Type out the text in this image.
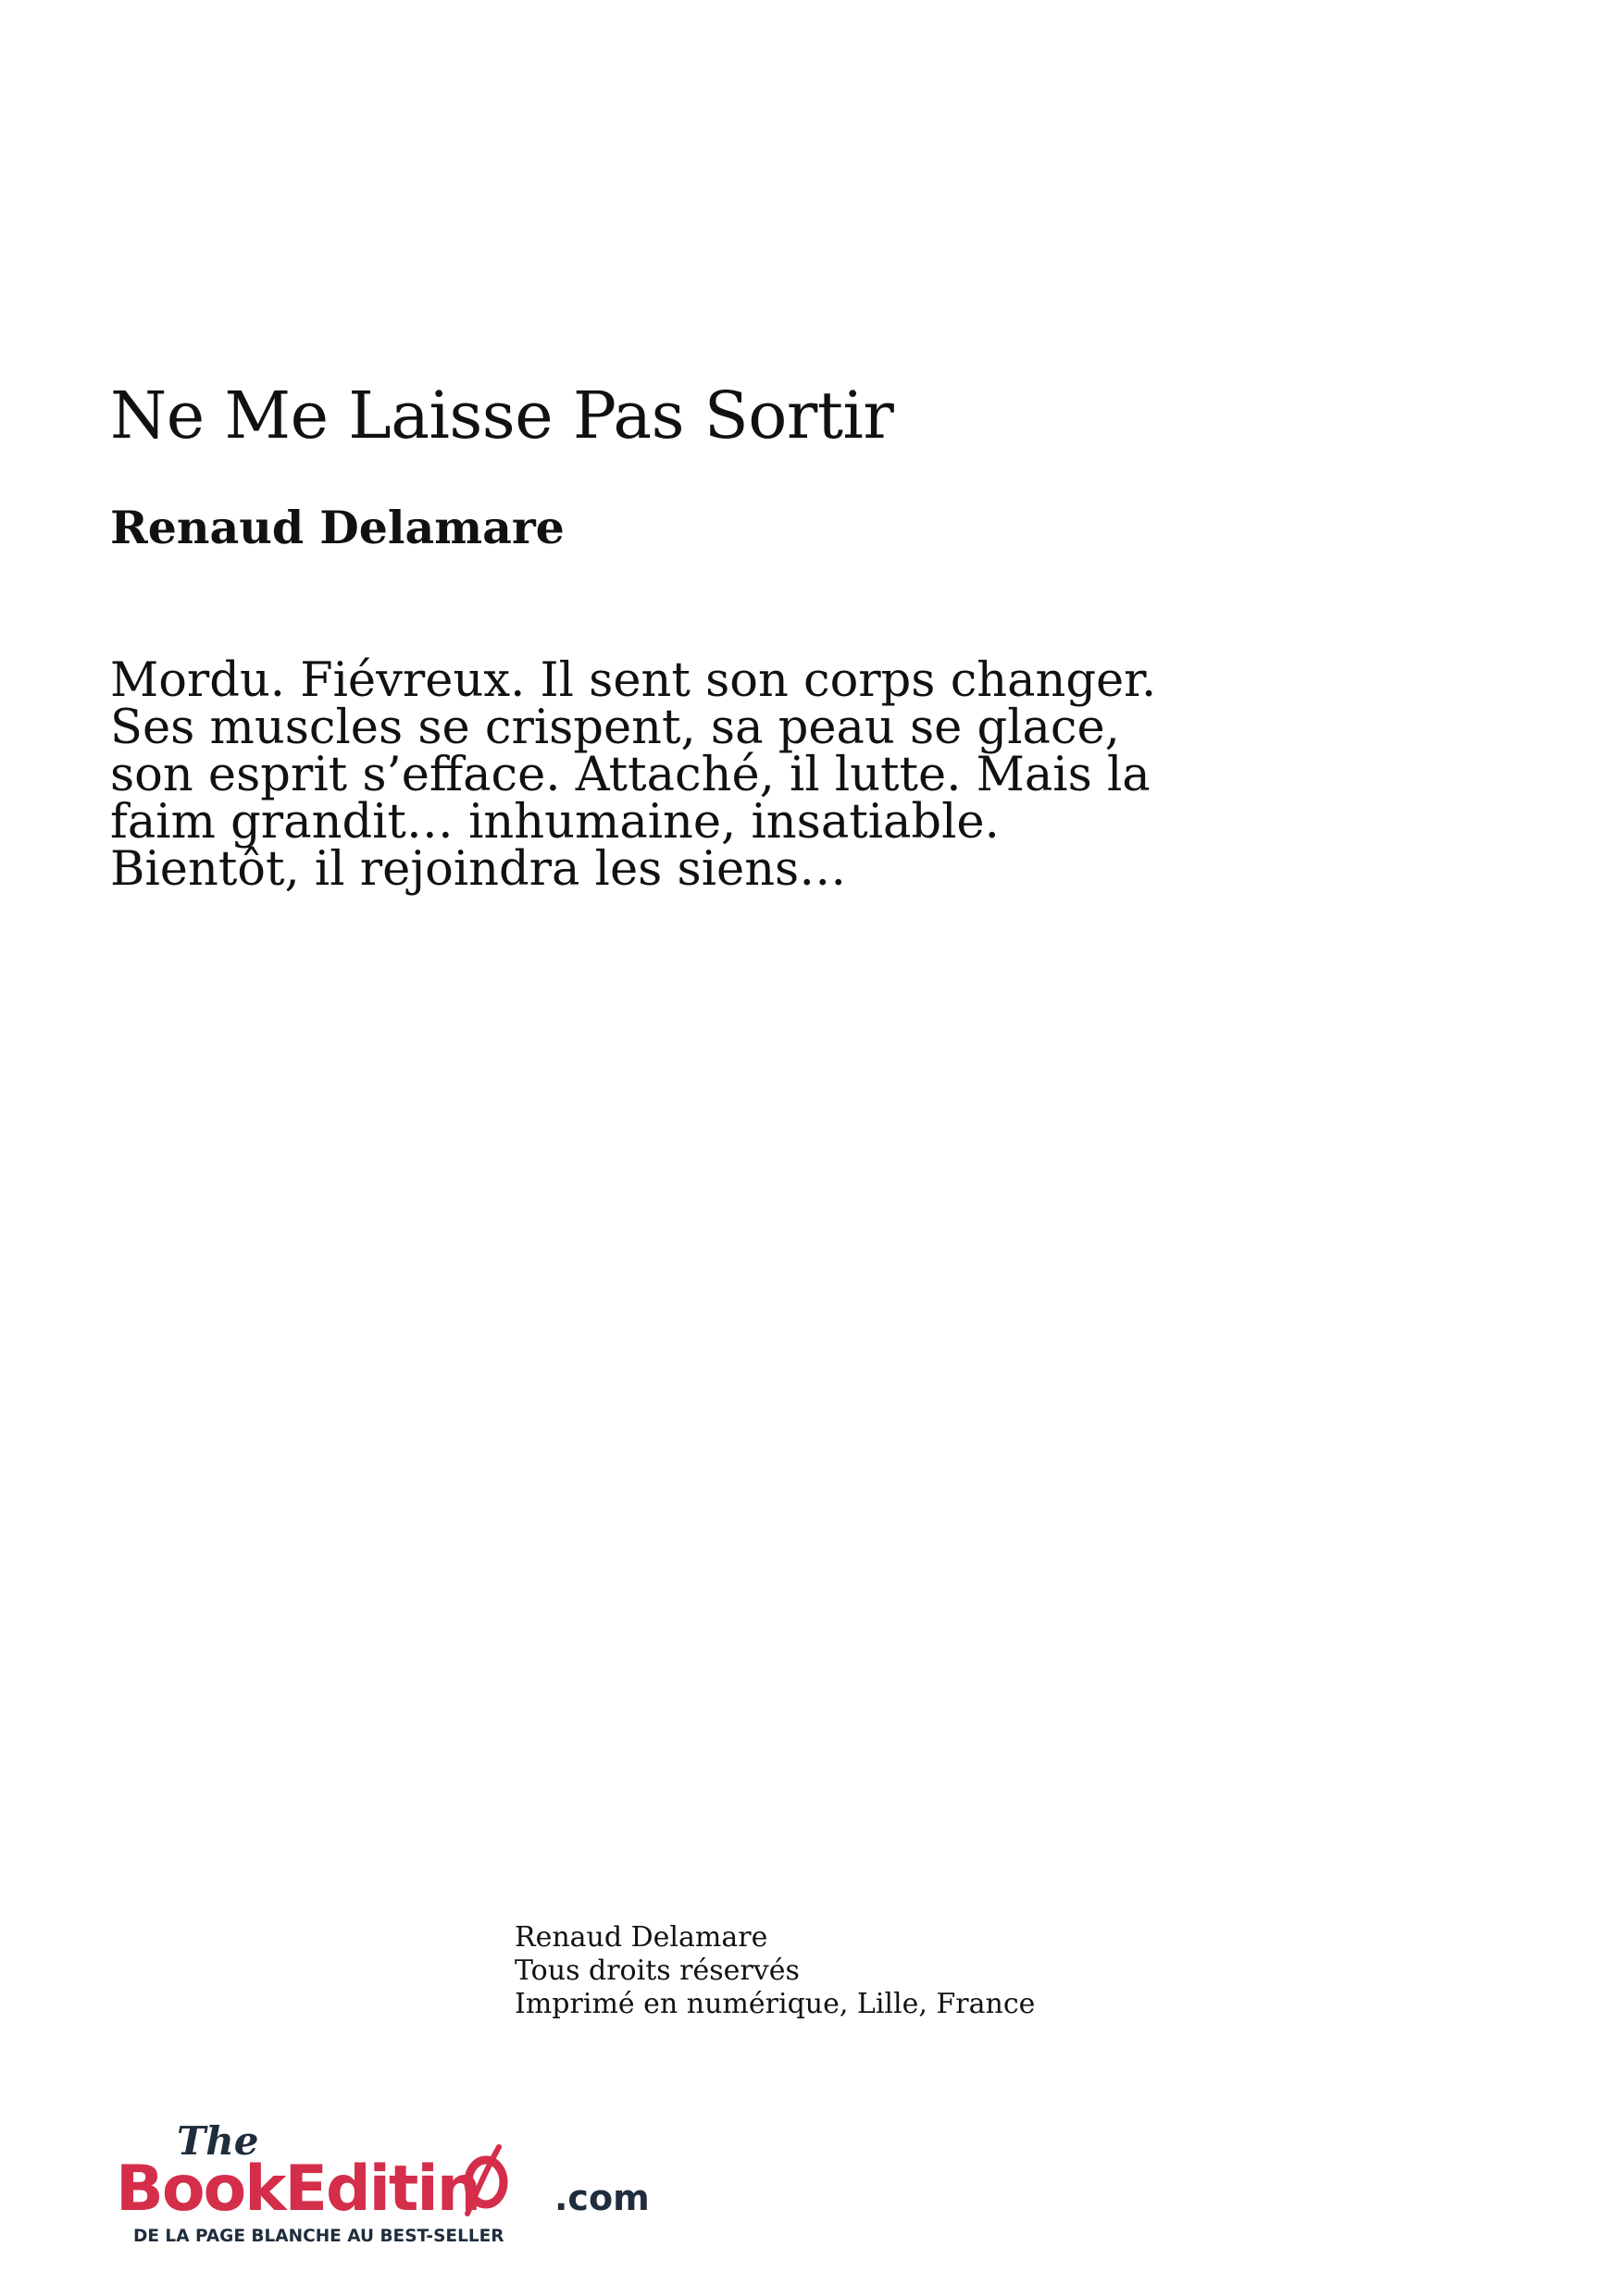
Ne Me Laisse Pas Sortir
Renaud Delamare

Mordu. Fiévreux. Il sent son corps changer. Ses muscles se crispent, sa peau se glace, son esprit s’efface. Attaché, il lutte. Mais la faim grandit… inhumaine, insatiable. Bientôt, il rejoindra les siens…

Renaud Delamare
Tous droits réservés
Imprimé en numérique, Lille, France
The
BookEditin .com
DE LA PAGE BLANCHE AU BEST-SELLER
